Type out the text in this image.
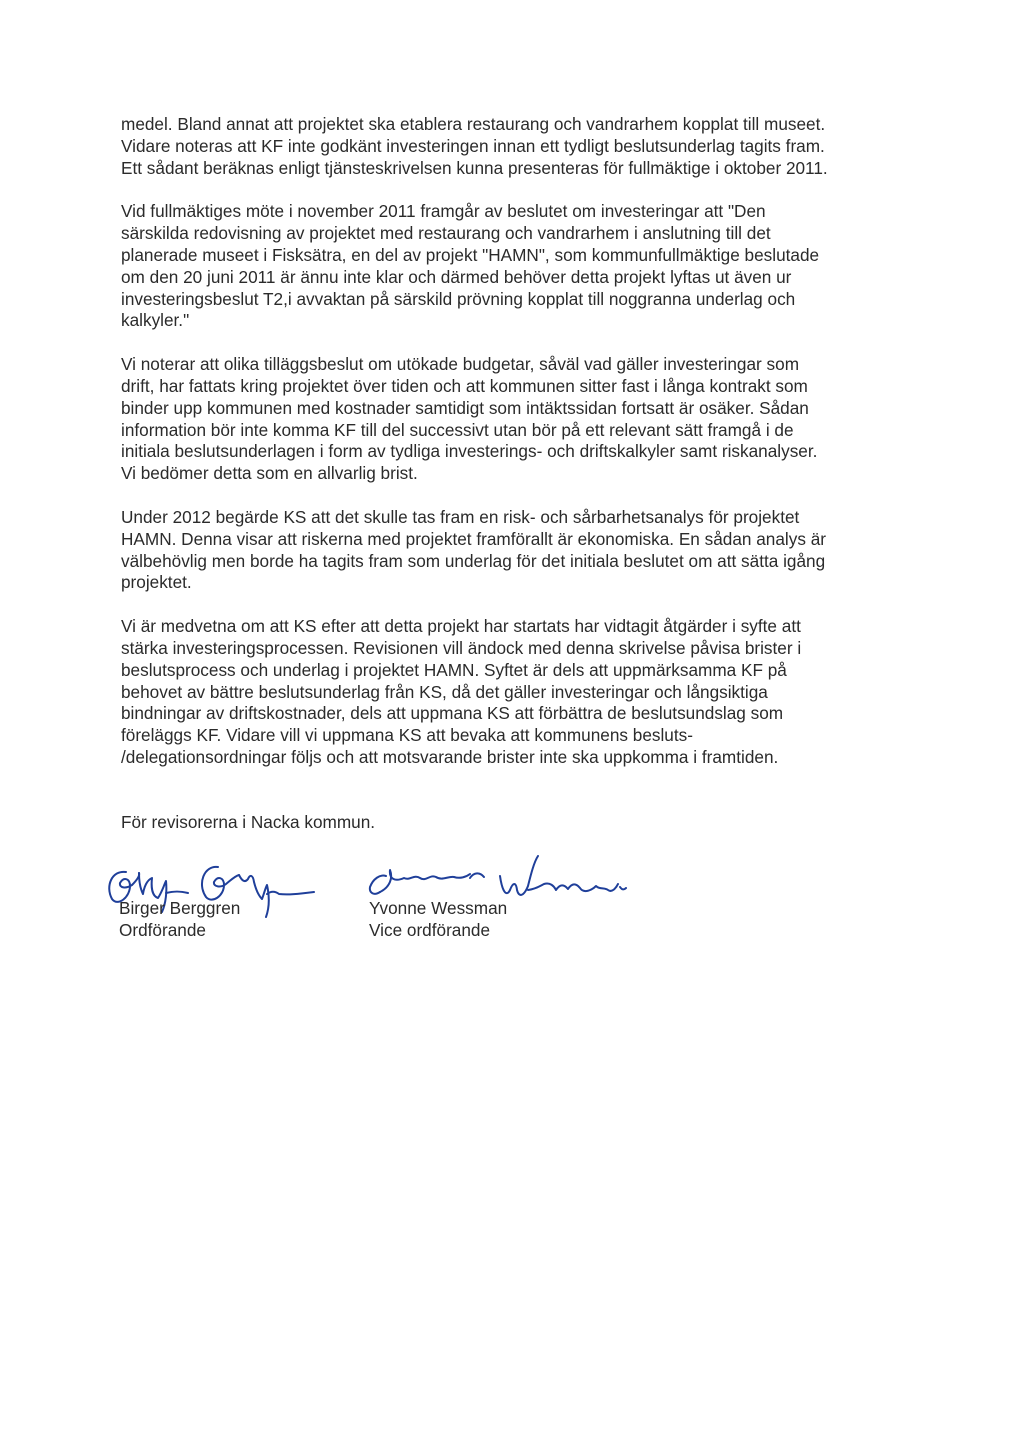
medel. Bland annat att projektet ska etablera restaurang och vandrarhem kopplat till museet.
Vidare noteras att KF inte godkänt investeringen innan ett tydligt beslutsunderlag tagits fram.
Ett sådant beräknas enligt tjänsteskrivelsen kunna presenteras för fullmäktige i oktober 2011.

Vid fullmäktiges möte i november 2011 framgår av beslutet om investeringar att "Den
särskilda redovisning av projektet med restaurang och vandrarhem i anslutning till det
planerade museet i Fisksätra, en del av projekt "HAMN", som kommunfullmäktige beslutade
om den 20 juni 2011 är ännu inte klar och därmed behöver detta projekt lyftas ut även ur
investeringsbeslut T2,i avvaktan på särskild prövning kopplat till noggranna underlag och
kalkyler."

Vi noterar att olika tilläggsbeslut om utökade budgetar, såväl vad gäller investeringar som
drift, har fattats kring projektet över tiden och att kommunen sitter fast i långa kontrakt som
binder upp kommunen med kostnader samtidigt som intäktssidan fortsatt är osäker. Sådan
information bör inte komma KF till del successivt utan bör på ett relevant sätt framgå i de
initiala beslutsunderlagen i form av tydliga investerings- och driftskalkyler samt riskanalyser.
Vi bedömer detta som en allvarlig brist.

Under 2012 begärde KS att det skulle tas fram en risk- och sårbarhetsanalys för projektet
HAMN. Denna visar att riskerna med projektet framförallt är ekonomiska. En sådan analys är
välbehövlig men borde ha tagits fram som underlag för det initiala beslutet om att sätta igång
projektet.

Vi är medvetna om att KS efter att detta projekt har startats har vidtagit åtgärder i syfte att
stärka investeringsprocessen. Revisionen vill ändock med denna skrivelse påvisa brister i
beslutsprocess och underlag i projektet HAMN. Syftet är dels att uppmärksamma KF på
behovet av bättre beslutsunderlag från KS, då det gäller investeringar och långsiktiga
bindningar av driftskostnader, dels att uppmana KS att förbättra de beslutsundslag som
föreläggs KF. Vidare vill vi uppmana KS att bevaka att kommunens besluts-
/delegationsordningar följs och att motsvarande brister inte ska uppkomma i framtiden.

För revisorerna i Nacka kommun.
Birger Berggren
Ordförande
Yvonne Wessman
Vice ordförande
